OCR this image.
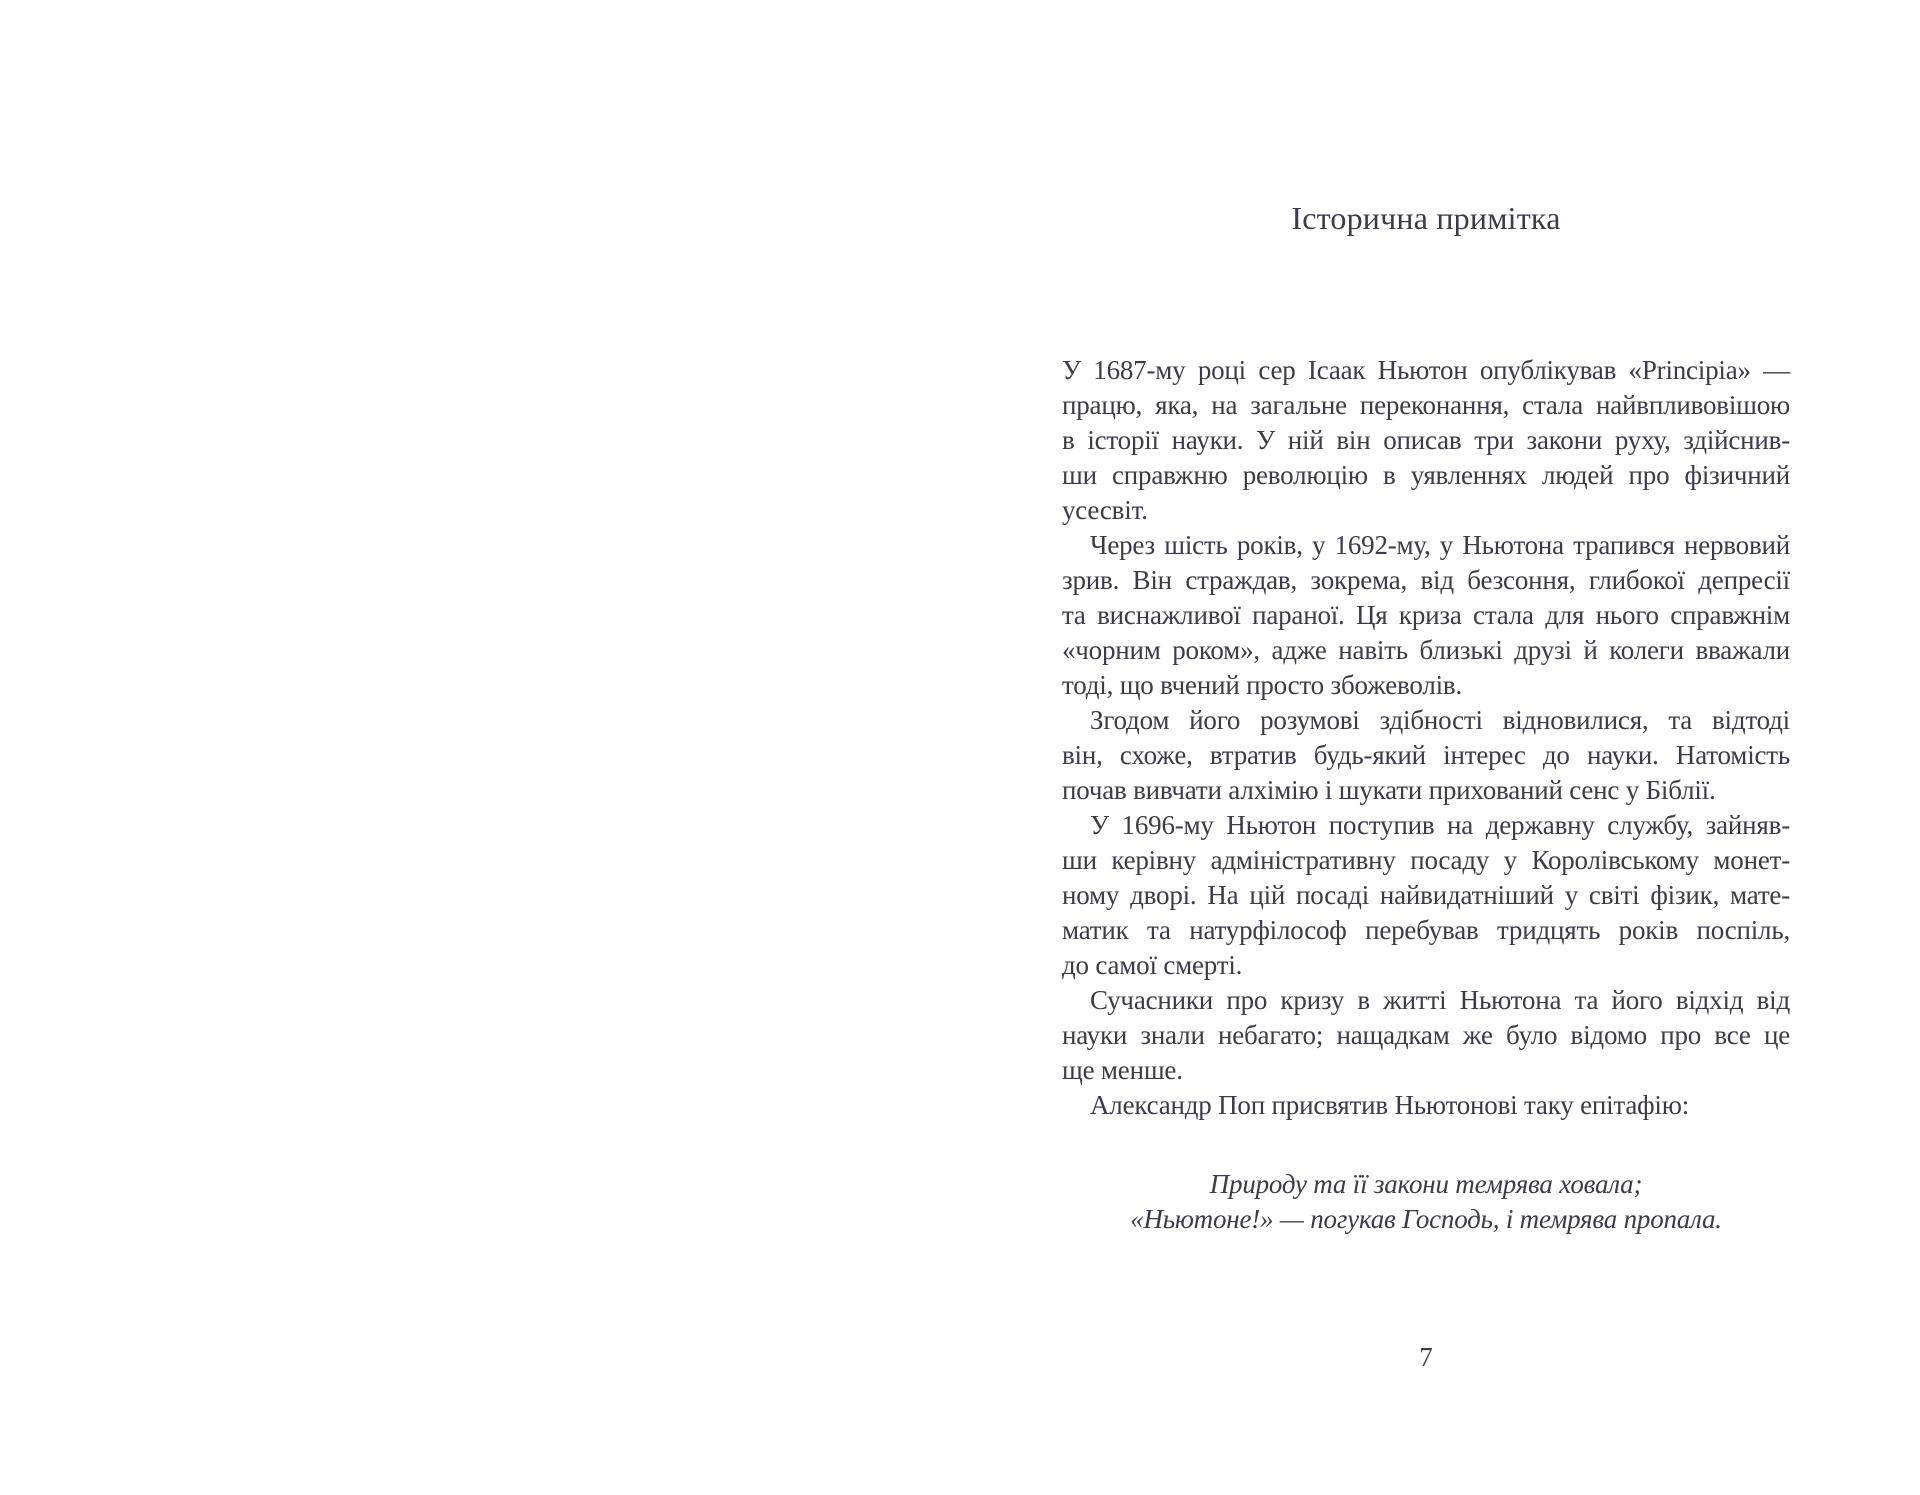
Історична примітка
У 1687-му році сер Ісаак Ньютон опублікував «Principia» —
працю, яка, на загальне переконання, стала найвпливовішою
в історії науки. У ній він описав три закони руху, здійснив-
ши справжню революцію в уявленнях людей про фізичний
усесвіт.
Через шість років, у 1692-му, у Ньютона трапився нервовий
зрив. Він страждав, зокрема, від безсоння, глибокої депресії
та виснажливої параної. Ця криза стала для нього справжнім
«чорним роком», адже навіть близькі друзі й колеги вважали
тоді, що вчений просто збожеволів.
Згодом його розумові здібності відновилися, та відтоді
він, схоже, втратив будь-який інтерес до науки. Натомість
почав вивчати алхімію і шукати прихований сенс у Біблії.
У 1696-му Ньютон поступив на державну службу, зайняв-
ши керівну адміністративну посаду у Королівському монет-
ному дворі. На цій посаді найвидатніший у світі фізик, мате-
матик та натурфілософ перебував тридцять років поспіль,
до самої смерті.
Сучасники про кризу в житті Ньютона та його відхід від
науки знали небагато; нащадкам же було відомо про все це
ще менше.
Александр Поп присвятив Ньютонові таку епітафію:
Природу та її закони темрява ховала;
«Ньютоне!» — погукав Господь, і темрява пропала.
7
